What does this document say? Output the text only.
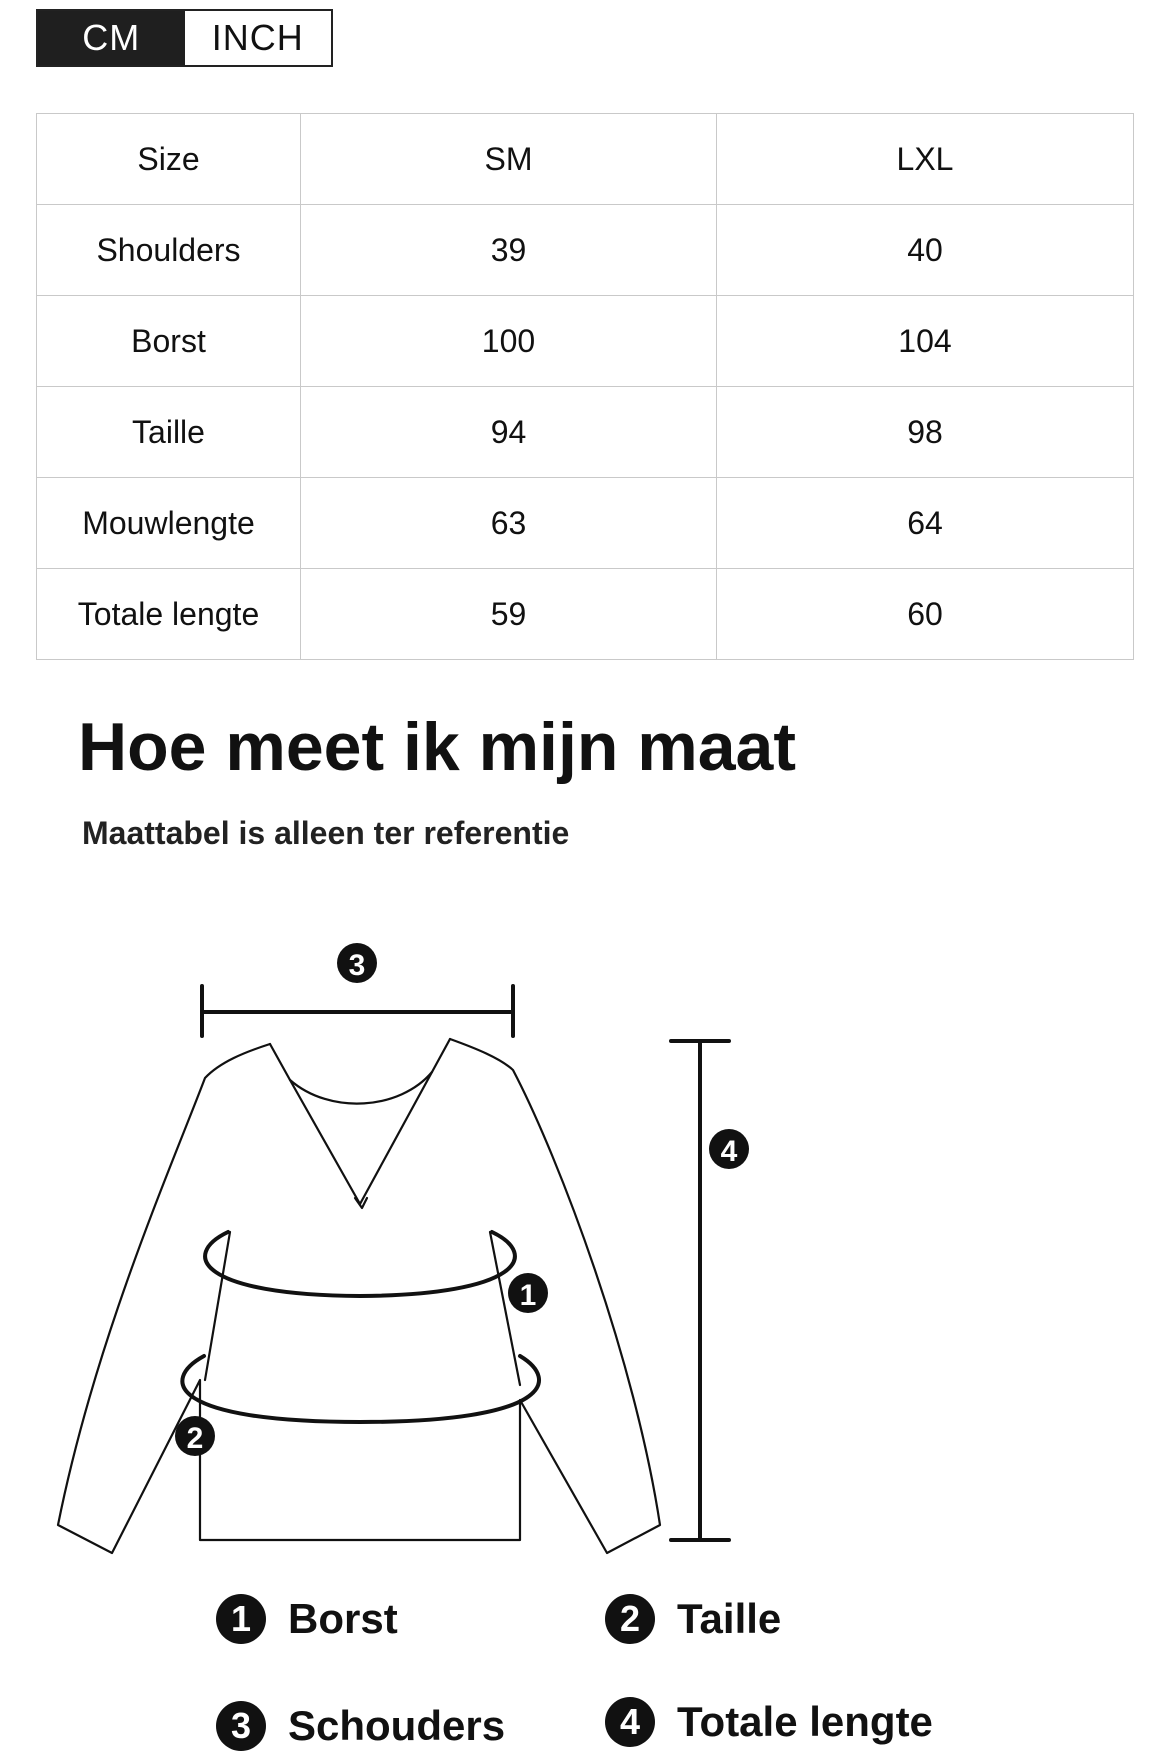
CM	INCH
Size	SM	LXL
Shoulders	39	40
Borst	100	104
Taille	94	98
Mouwlengte	63	64
Totale lengte	59	60
Hoe meet ik mijn maat

Maattabel is alleen ter referentie

3
4
1
2
1 Borst	2 Taille
3 Schouders	4 Totale lengte
